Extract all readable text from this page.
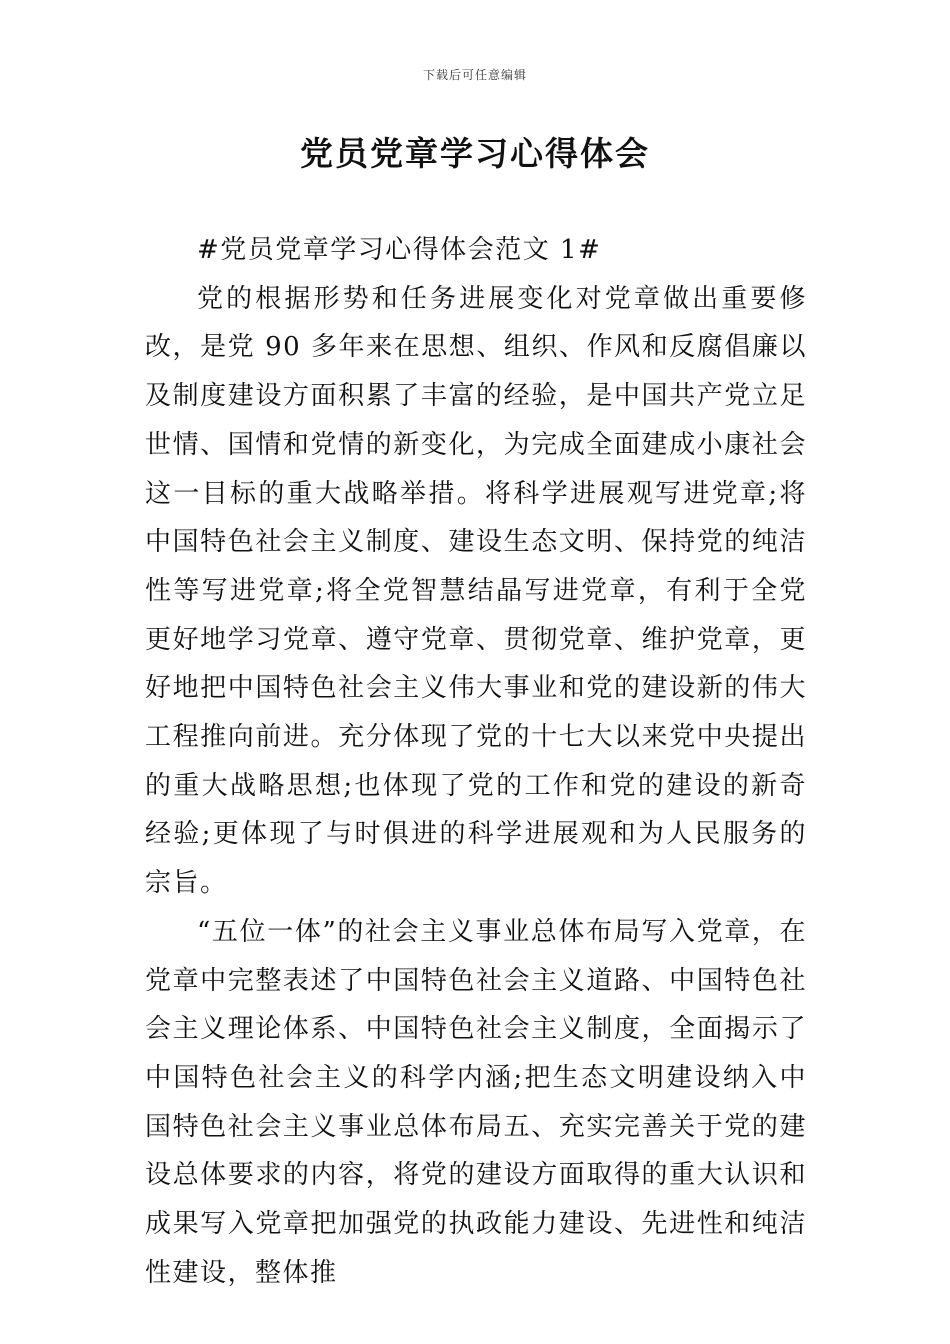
下载后可任意编辑
党员党章学习心得体会

#党员党章学习心得体会范文 1#

党的根据形势和任务进展变化对党章做出重要修改，是党 90 多年来在思想、组织、作风和反腐倡廉以及制度建设方面积累了丰富的经验，是中国共产党立足世情、国情和党情的新变化，为完成全面建成小康社会这一目标的重大战略举措。将科学进展观写进党章;将中国特色社会主义制度、建设生态文明、保持党的纯洁性等写进党章;将全党智慧结晶写进党章，有利于全党更好地学习党章、遵守党章、贯彻党章、维护党章，更好地把中国特色社会主义伟大事业和党的建设新的伟大工程推向前进。充分体现了党的十七大以来党中央提出的重大战略思想;也体现了党的工作和党的建设的新奇经验;更体现了与时俱进的科学进展观和为人民服务的宗旨。

“五位一体”的社会主义事业总体布局写入党章，在党章中完整表述了中国特色社会主义道路、中国特色社会主义理论体系、中国特色社会主义制度，全面揭示了中国特色社会主义的科学内涵;把生态文明建设纳入中国特色社会主义事业总体布局五、充实完善关于党的建设总体要求的内容，将党的建设方面取得的重大认识和成果写入党章把加强党的执政能力建设、先进性和纯洁性建设，整体推
